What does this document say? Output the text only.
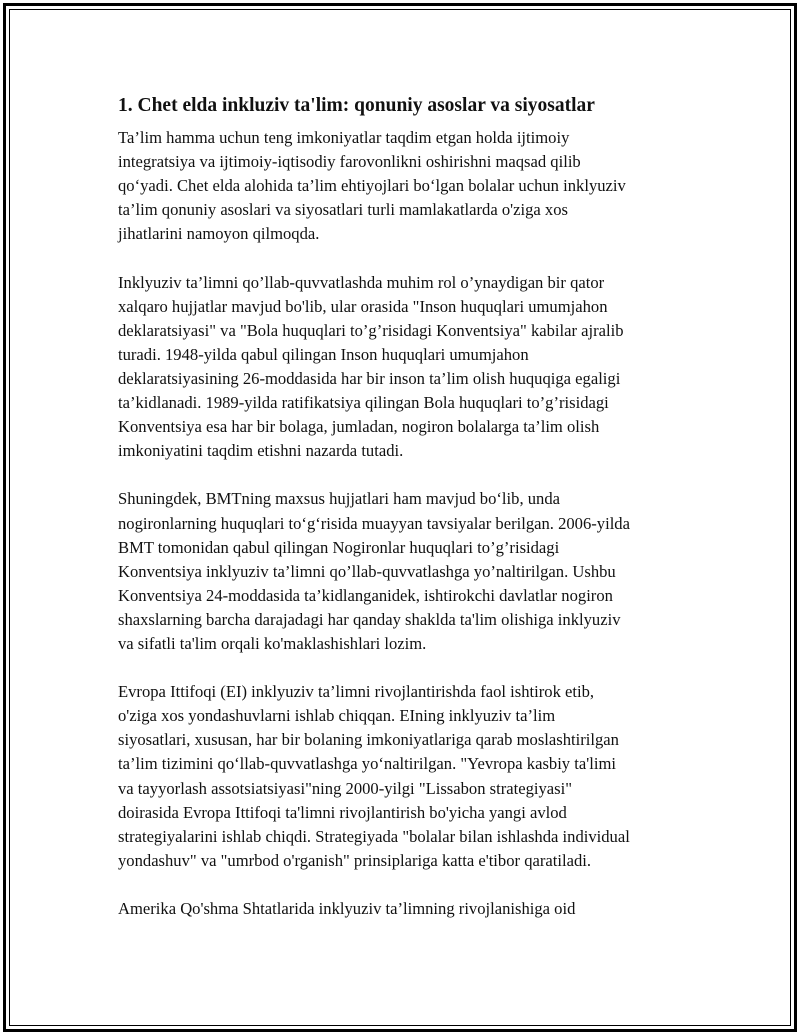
1. Chet elda inkluziv ta'lim: qonuniy asoslar va siyosatlar

Ta’lim hamma uchun teng imkoniyatlar taqdim etgan holda ijtimoiy
integratsiya va ijtimoiy-iqtisodiy farovonlikni oshirishni maqsad qilib
qo‘yadi. Chet elda alohida ta’lim ehtiyojlari bo‘lgan bolalar uchun inklyuziv
ta’lim qonuniy asoslari va siyosatlari turli mamlakatlarda o'ziga xos
jihatlarini namoyon qilmoqda.

Inklyuziv ta’limni qo’llab-quvvatlashda muhim rol o’ynaydigan bir qator
xalqaro hujjatlar mavjud bo'lib, ular orasida "Inson huquqlari umumjahon
deklaratsiyasi" va "Bola huquqlari to’g’risidagi Konventsiya" kabilar ajralib
turadi. 1948-yilda qabul qilingan Inson huquqlari umumjahon
deklaratsiyasining 26-moddasida har bir inson ta’lim olish huquqiga egaligi
ta’kidlanadi. 1989-yilda ratifikatsiya qilingan Bola huquqlari to’g’risidagi
Konventsiya esa har bir bolaga, jumladan, nogiron bolalarga ta’lim olish
imkoniyatini taqdim etishni nazarda tutadi.

Shuningdek, BMTning maxsus hujjatlari ham mavjud bo‘lib, unda
nogironlarning huquqlari to‘g‘risida muayyan tavsiyalar berilgan. 2006-yilda
BMT tomonidan qabul qilingan Nogironlar huquqlari to’g’risidagi
Konventsiya inklyuziv ta’limni qo’llab-quvvatlashga yo’naltirilgan. Ushbu
Konventsiya 24-moddasida ta’kidlanganidek, ishtirokchi davlatlar nogiron
shaxslarning barcha darajadagi har qanday shaklda ta'lim olishiga inklyuziv
va sifatli ta'lim orqali ko'maklashishlari lozim.

Evropa Ittifoqi (EI) inklyuziv ta’limni rivojlantirishda faol ishtirok etib,
o'ziga xos yondashuvlarni ishlab chiqqan. EIning inklyuziv ta’lim
siyosatlari, xususan, har bir bolaning imkoniyatlariga qarab moslashtirilgan
ta’lim tizimini qo‘llab-quvvatlashga yo‘naltirilgan. "Yevropa kasbiy ta'limi
va tayyorlash assotsiatsiyasi"ning 2000-yilgi "Lissabon strategiyasi"
doirasida Evropa Ittifoqi ta'limni rivojlantirish bo'yicha yangi avlod
strategiyalarini ishlab chiqdi. Strategiyada "bolalar bilan ishlashda individual
yondashuv" va "umrbod o'rganish" prinsiplariga katta e'tibor qaratiladi.

Amerika Qo'shma Shtatlarida inklyuziv ta’limning rivojlanishiga oid
